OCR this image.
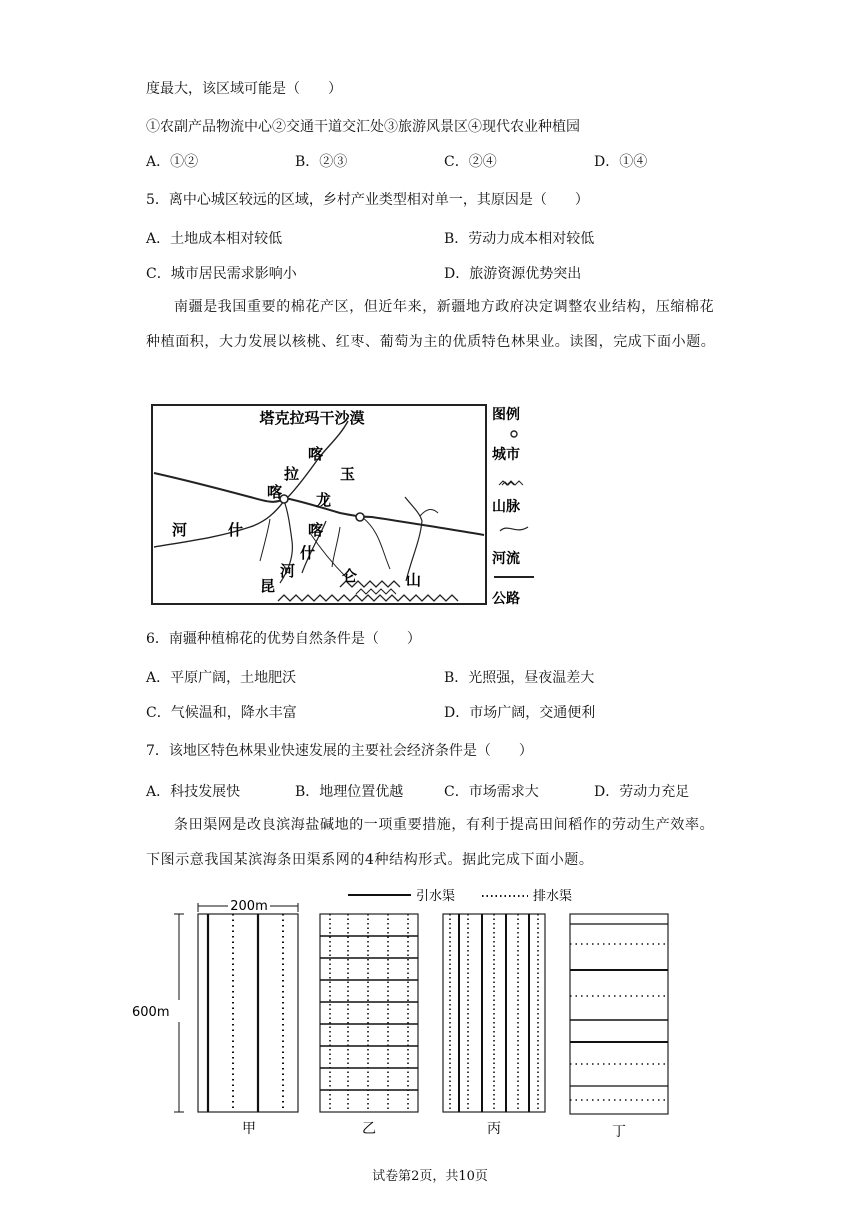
度最大，该区域可能是（　　）
①农副产品物流中心②交通干道交汇处③旅游风景区④现代农业种植园
A．①②	B．②③	C．②④	D．①④
5．离中心城区较远的区域，乡村产业类型相对单一，其原因是（　　）
A．土地成本相对较低	B．劳动力成本相对较低
C．城市居民需求影响小	D．旅游资源优势突出
南疆是我国重要的棉花产区，但近年来，新疆地方政府决定调整农业结构，压缩棉花种植面积，大力发展以核桃、红枣、葡萄为主的优质特色林果业。读图，完成下面小题。
塔克拉玛干沙漠
喀
拉	玉
喀 龙
河	什	喀
什
河
昆
仑	山
图例
城市
山脉
河流
公路
6．南疆种植棉花的优势自然条件是（　　）
A．平原广阔，土地肥沃	B．光照强，昼夜温差大
C．气候温和，降水丰富	D．市场广阔，交通便利
7．该地区特色林果业快速发展的主要社会经济条件是（　　）
A．科技发展快	B．地理位置优越	C．市场需求大	D．劳动力充足
条田渠网是改良滨海盐碱地的一项重要措施，有利于提高田间稻作的劳动生产效率。下图示意我国某滨海条田渠系网的4种结构形式。据此完成下面小题。
引水渠	排水渠
200m
600m
甲	乙	丙	丁
试卷第2页，共10页
